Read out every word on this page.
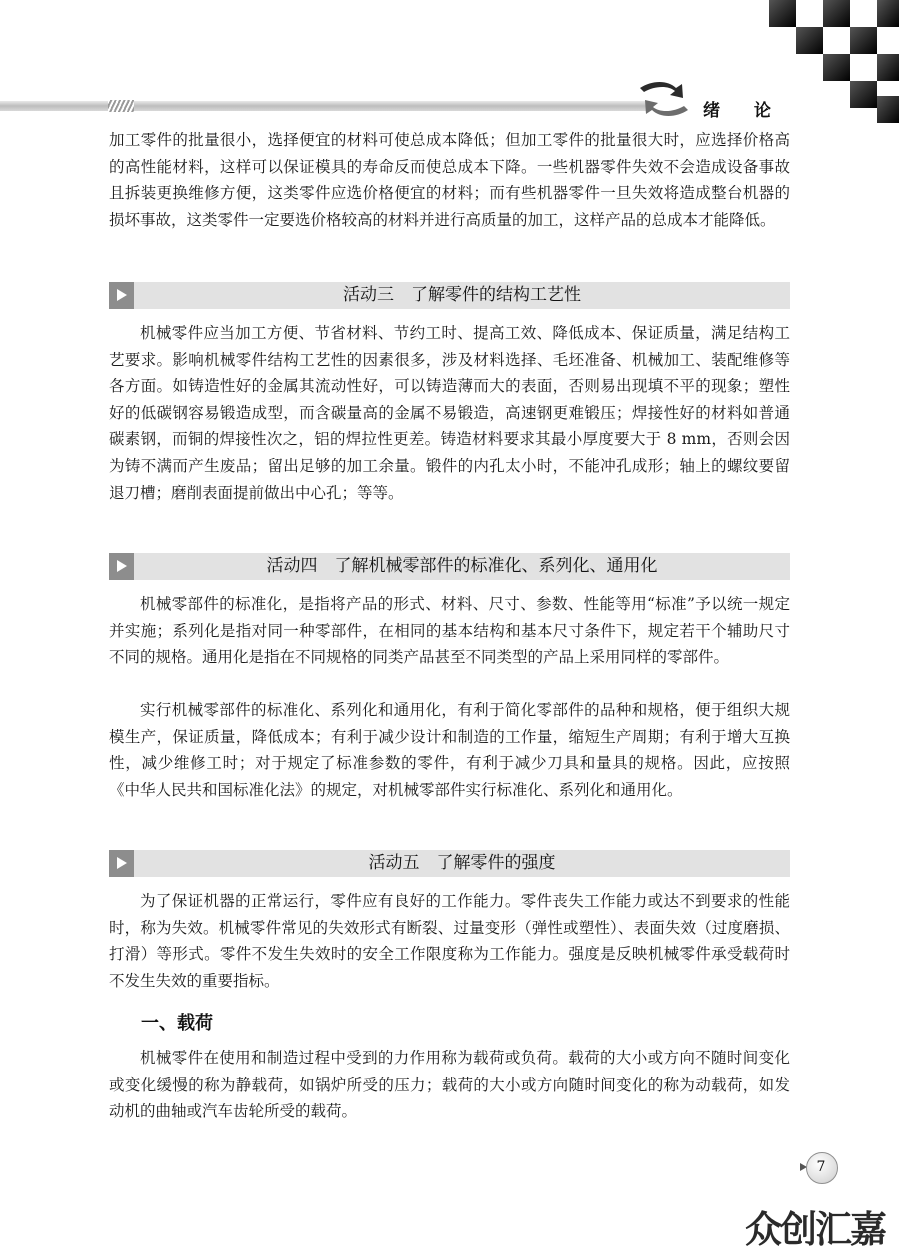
绪 论

加工零件的批量很小，选择便宜的材料可使总成本降低；但加工零件的批量很大时，应选择价格高的高性能材料，这样可以保证模具的寿命反而使总成本下降。一些机器零件失效不会造成设备事故且拆装更换维修方便，这类零件应选价格便宜的材料；而有些机器零件一旦失效将造成整台机器的损坏事故，这类零件一定要选价格较高的材料并进行高质量的加工，这样产品的总成本才能降低。

活动三　了解零件的结构工艺性

机械零件应当加工方便、节省材料、节约工时、提高工效、降低成本、保证质量，满足结构工艺要求。影响机械零件结构工艺性的因素很多，涉及材料选择、毛坯准备、机械加工、装配维修等各方面。如铸造性好的金属其流动性好，可以铸造薄而大的表面，否则易出现填不平的现象；塑性好的低碳钢容易锻造成型，而含碳量高的金属不易锻造，高速钢更难锻压；焊接性好的材料如普通碳素钢，而铜的焊接性次之，铝的焊拉性更差。铸造材料要求其最小厚度要大于 8 mm，否则会因为铸不满而产生废品；留出足够的加工余量。锻件的内孔太小时，不能冲孔成形；轴上的螺纹要留退刀槽；磨削表面提前做出中心孔；等等。

活动四　了解机械零部件的标准化、系列化、通用化

机械零部件的标准化，是指将产品的形式、材料、尺寸、参数、性能等用“标准”予以统一规定并实施；系列化是指对同一种零部件，在相同的基本结构和基本尺寸条件下，规定若干个辅助尺寸不同的规格。通用化是指在不同规格的同类产品甚至不同类型的产品上采用同样的零部件。

实行机械零部件的标准化、系列化和通用化，有利于简化零部件的品种和规格，便于组织大规模生产，保证质量，降低成本；有利于减少设计和制造的工作量，缩短生产周期；有利于增大互换性，减少维修工时；对于规定了标准参数的零件，有利于减少刀具和量具的规格。因此，应按照《中华人民共和国标准化法》的规定，对机械零部件实行标准化、系列化和通用化。

活动五　了解零件的强度

为了保证机器的正常运行，零件应有良好的工作能力。零件丧失工作能力或达不到要求的性能时，称为失效。机械零件常见的失效形式有断裂、过量变形（弹性或塑性）、表面失效（过度磨损、打滑）等形式。零件不发生失效时的安全工作限度称为工作能力。强度是反映机械零件承受载荷时不发生失效的重要指标。

一、载荷

机械零件在使用和制造过程中受到的力作用称为载荷或负荷。载荷的大小或方向不随时间变化或变化缓慢的称为静载荷，如锅炉所受的压力；载荷的大小或方向随时间变化的称为动载荷，如发动机的曲轴或汽车齿轮所受的载荷。

7
众创汇嘉
